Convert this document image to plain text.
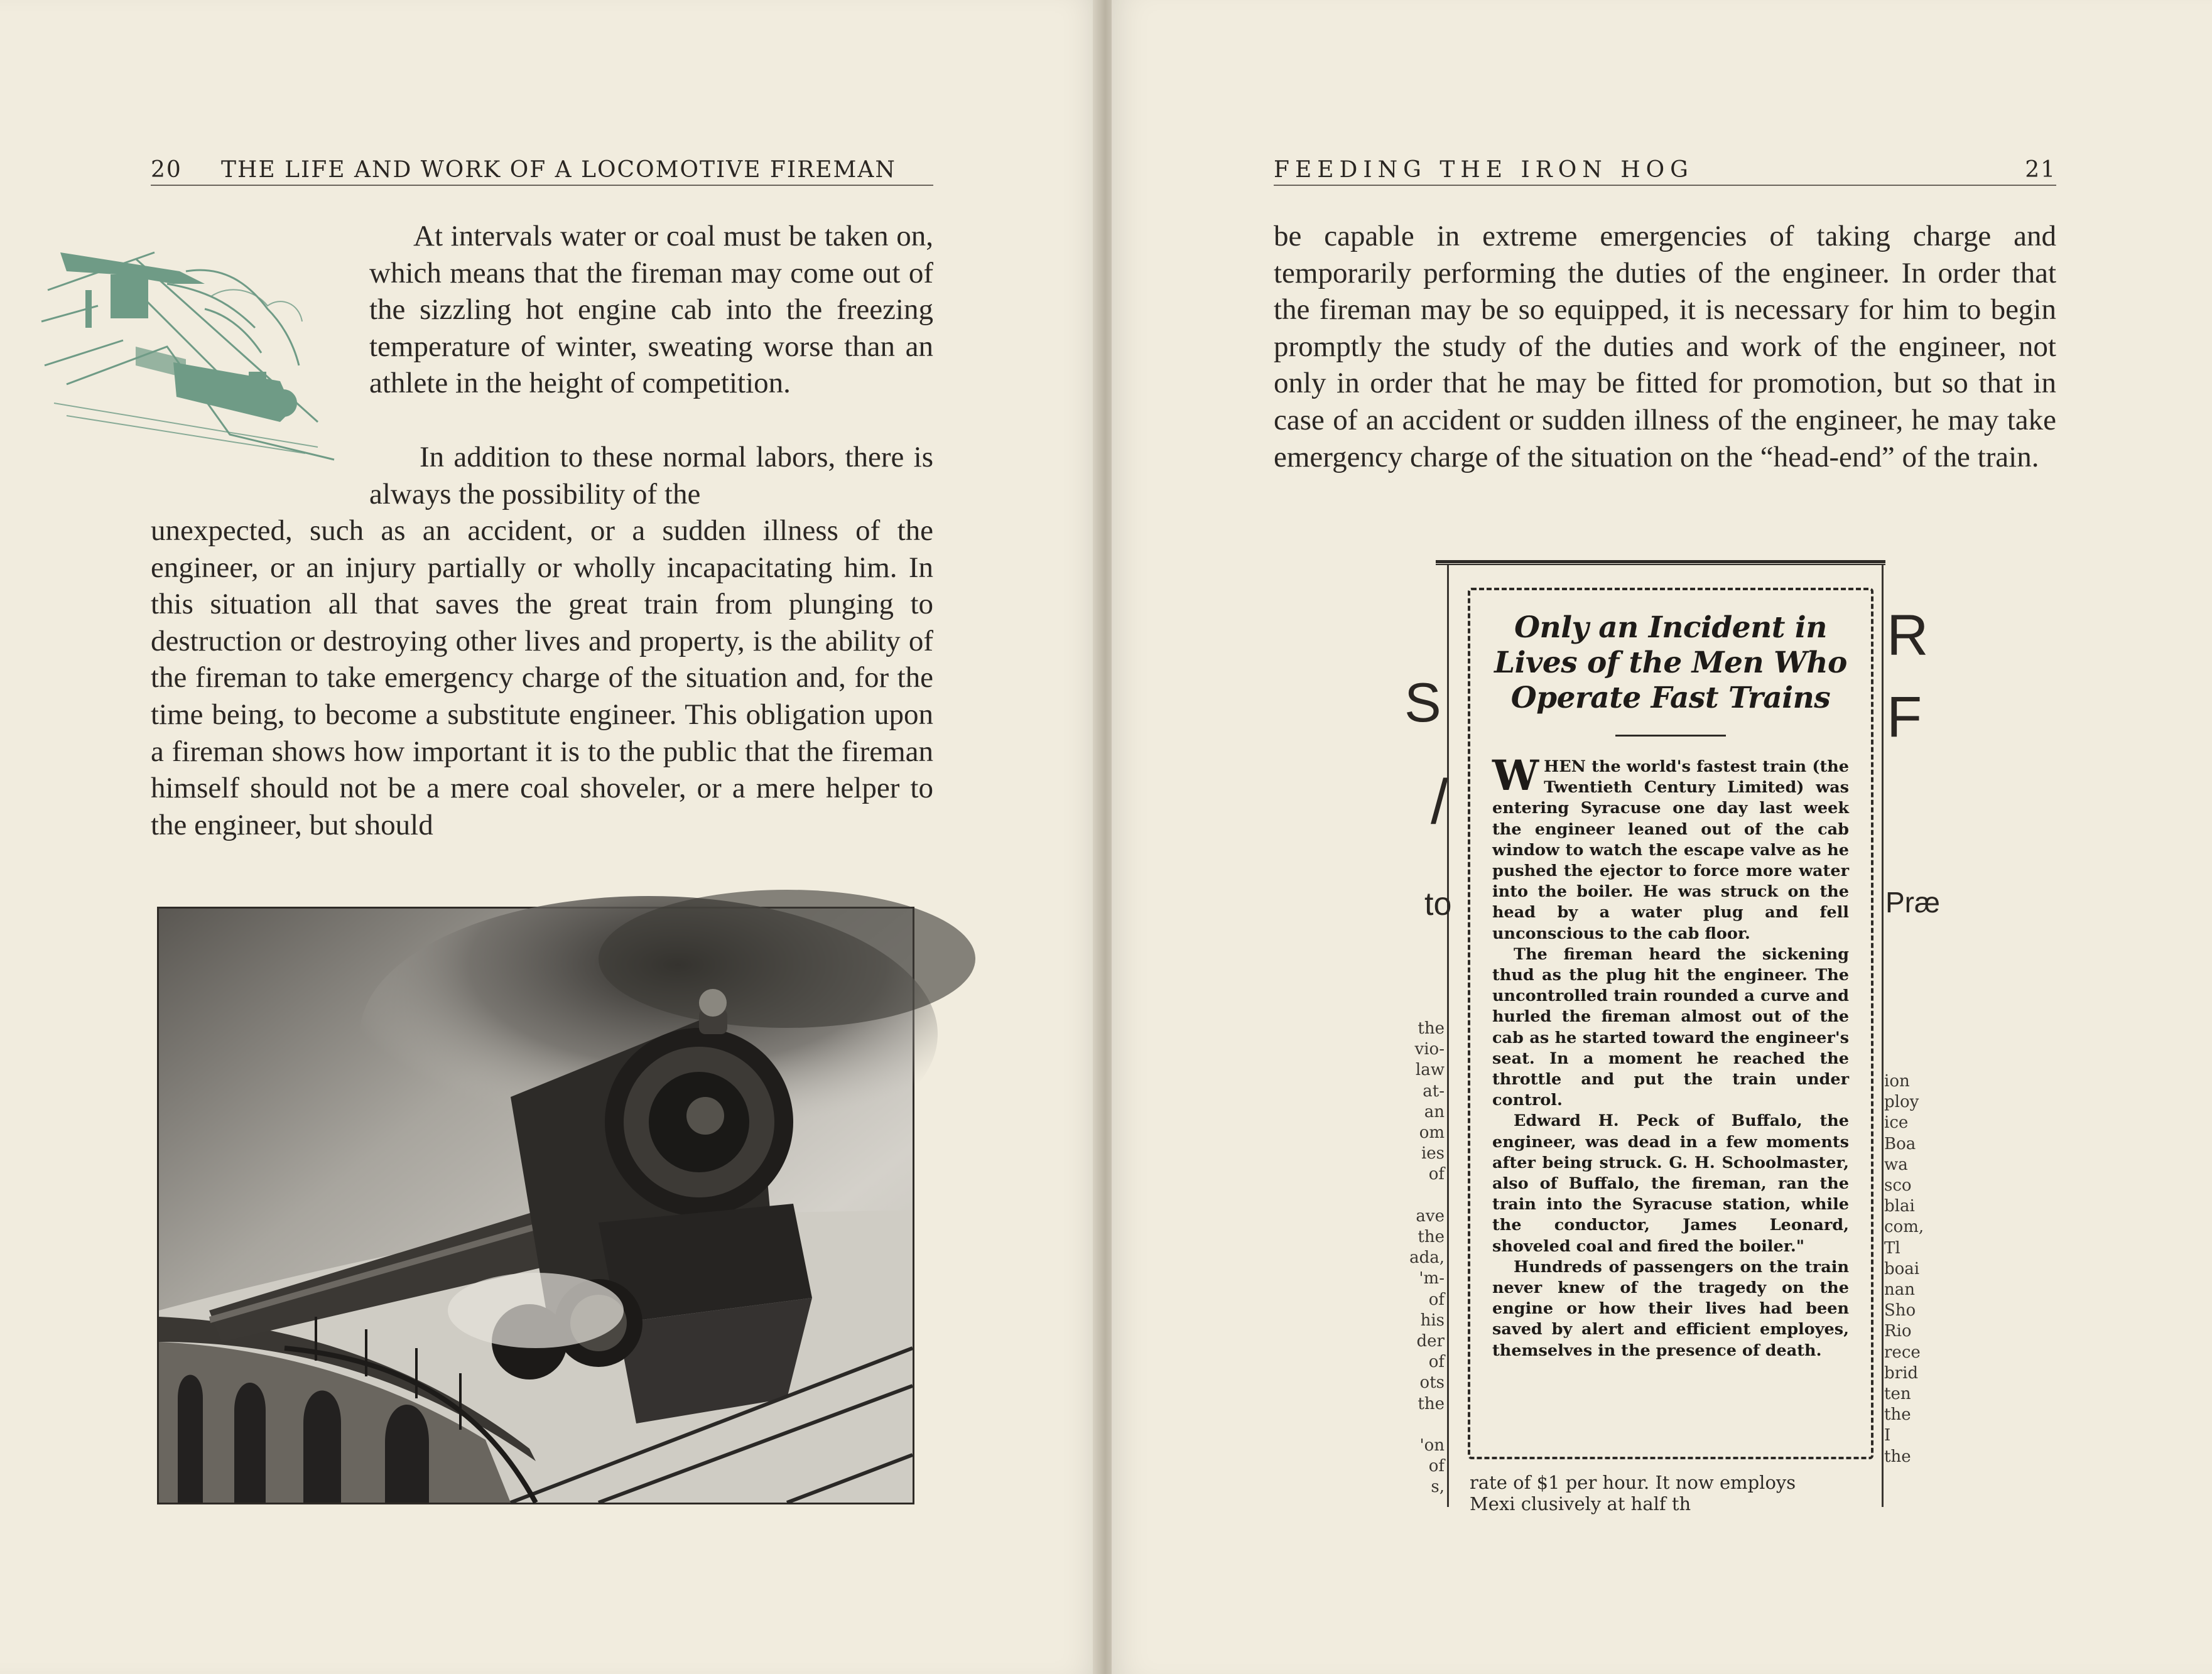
20 THE LIFE AND WORK OF A LOCOMOTIVE FIREMAN
At intervals water or coal must be taken on, which means that the fireman may come out of the sizzling hot engine cab into the freezing temperature of winter, sweating worse than an athlete in the height of competition.
In addition to these normal labors, there is always the possibility of the
unexpected, such as an accident, or a sudden illness of the engineer, or an injury partially or wholly incapacitating him. In this situation all that saves the great train from plunging to destruction or destroying other lives and property, is the ability of the fireman to take emergency charge of the situation and, for the time being, to become a substitute engineer. This obligation upon a fireman shows how important it is to the public that the fireman himself should not be a mere coal shoveler, or a mere helper to the engineer, but should
FEEDING THE IRON HOG	21
be capable in extreme emergencies of taking charge and temporarily performing the duties of the engineer. In order that the fireman may be so equipped, it is necessary for him to begin promptly the study of the duties and work of the engineer, not only in order that he may be fitted for promotion, but so that in case of an accident or sudden illness of the engineer, he may take emergency charge of the situation on the “head-end” of the train.
S
/
to
R
F
Præ
the
vio-
law
at-
an
om
ies
of

ave
the
ada,
'm-
of
his
der
of
ots
the

'on
of
s,
ion
ploy
ice
Boa
wa
sco
blai
com,
Tl
boai
nan
Sho
Rio
rece
brid
ten
the
I
the
Only an Incident in
Lives of the Men Who
Operate Fast Trains

WHEN the world's fastest train (the Twentieth Century Limited) was entering Syracuse one day last week the engineer leaned out of the cab window to watch the escape valve as he pushed the ejector to force more water into the boiler. He was struck on the head by a water plug and fell unconscious to the cab floor.

The fireman heard the sickening thud as the plug hit the engineer. The uncontrolled train rounded a curve and hurled the fireman almost out of the cab as he started toward the engineer's seat. In a moment he reached the throttle and put the train under control.

Edward H. Peck of Buffalo, the engineer, was dead in a few moments after being struck. G. H. Schoolmaster, also of Buffalo, the fireman, ran the train into the Syracuse station, while the conductor, James Leonard, shoveled coal and fired the boiler."

Hundreds of passengers on the train never knew of the tragedy on the engine or how their lives had been saved by alert and efficient employes, themselves in the presence of death.

rate of $1 per hour. It now employs
Mexi clusively at half th
